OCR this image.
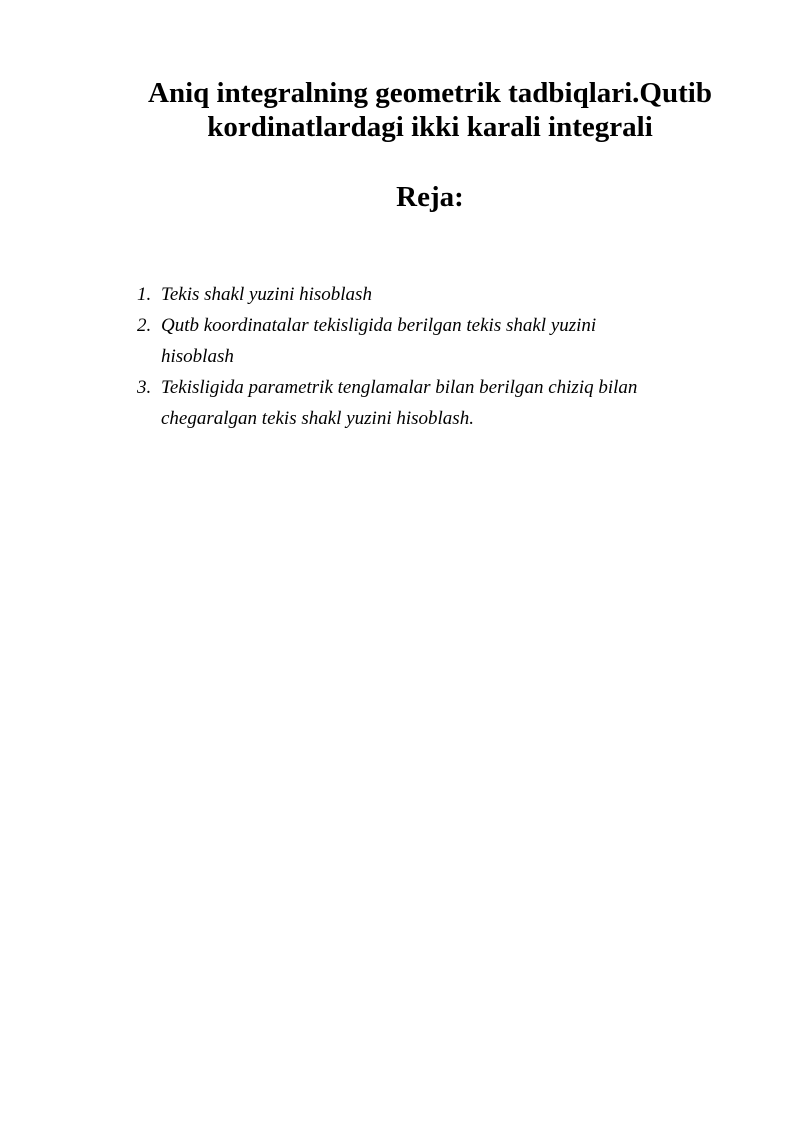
Aniq integralning geometrik tadbiqlari.Qutib
kordinatlardagi ikki karali integrali
Reja:
1. Tekis shakl yuzini hisoblash
2. Qutb koordinatalar tekisligida berilgan tekis shakl yuzini
hisoblash
3. Tekisligida parametrik tenglamalar bilan berilgan chiziq bilan
chegaralgan tekis shakl yuzini hisoblash.
